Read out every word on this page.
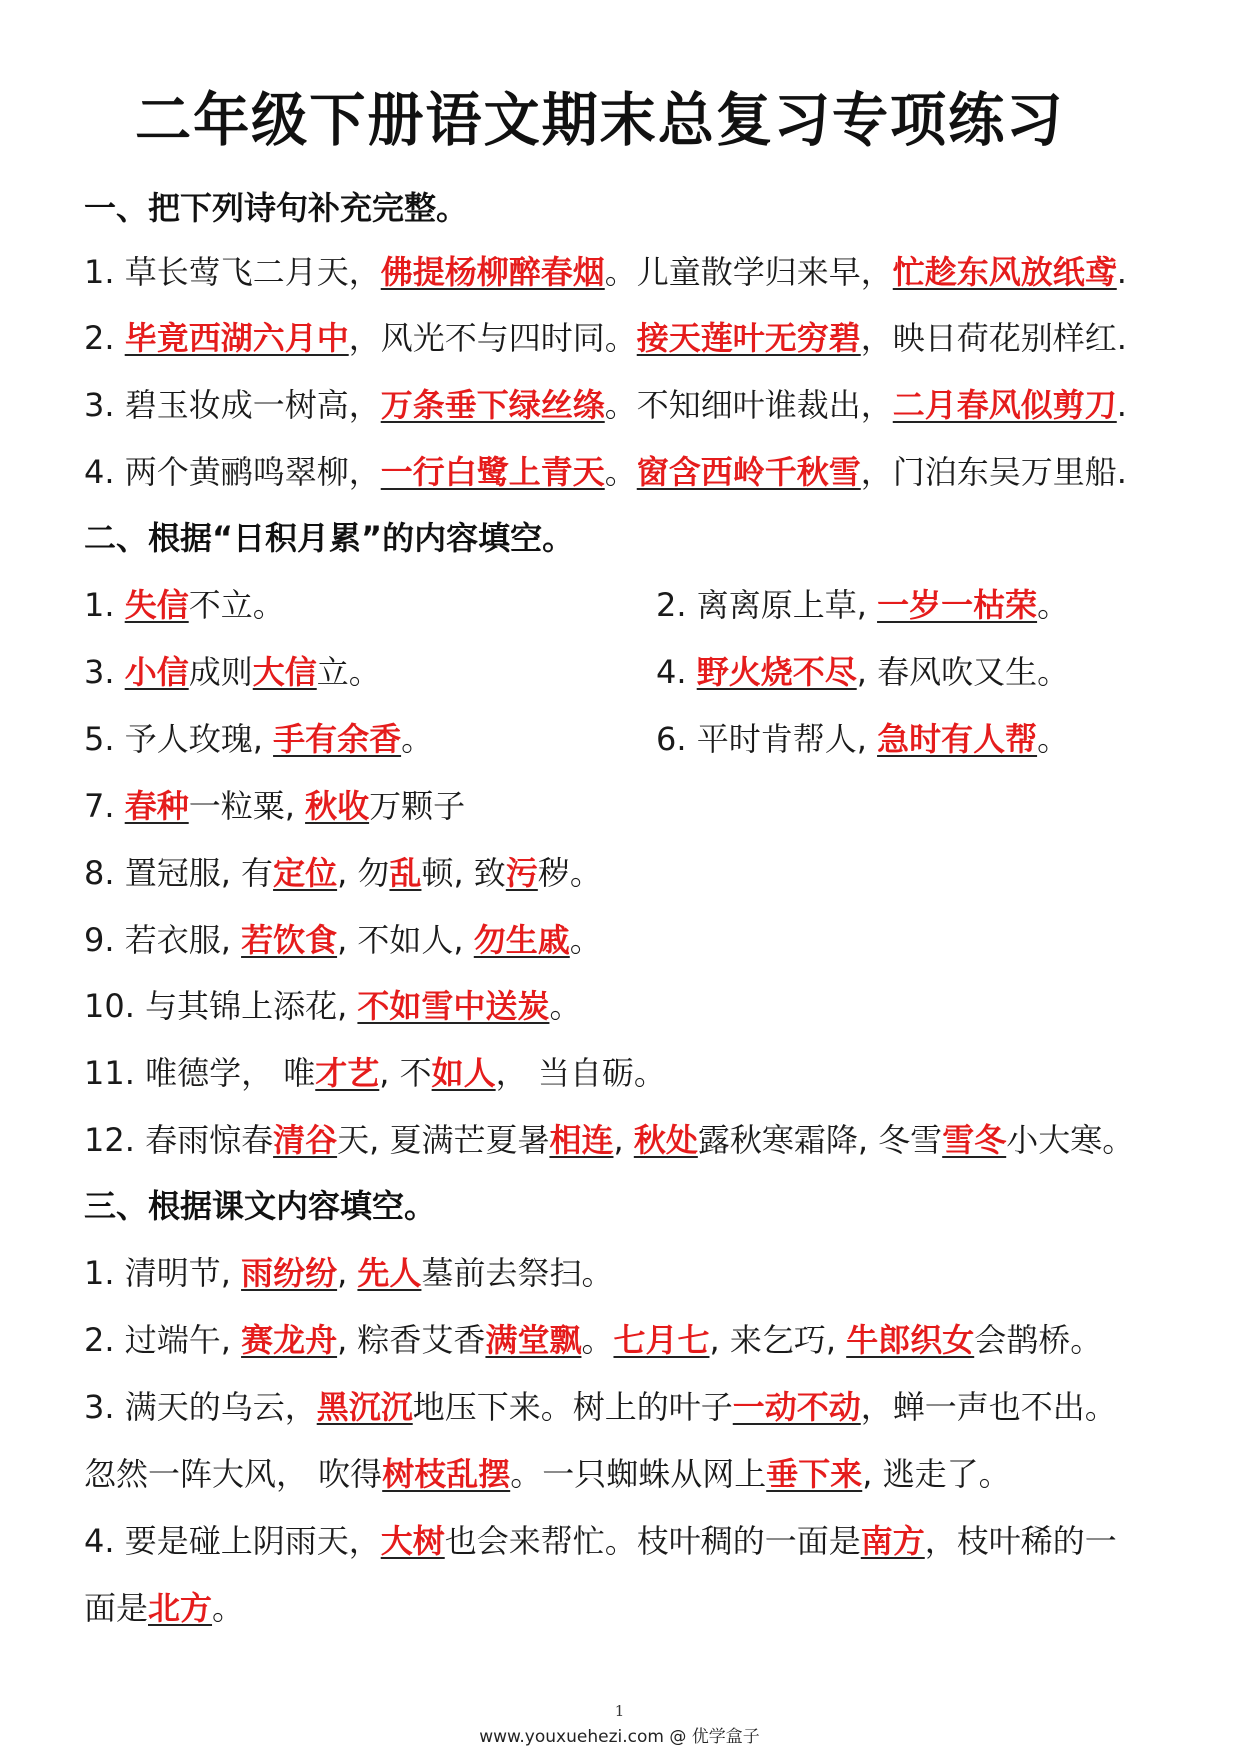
二年级下册语文期末总复习专项练习
一、把下列诗句补充完整。
1. 草长莺飞二月天，佛提杨柳醉春烟。儿童散学归来早，忙趁东风放纸鸢.
2. 毕竟西湖六月中，风光不与四时同。接天莲叶无穷碧，映日荷花别样红.
3. 碧玉妆成一树高，万条垂下绿丝绦。不知细叶谁裁出，二月春风似剪刀.
4. 两个黄鹂鸣翠柳，一行白鹭上青天。窗含西岭千秋雪，门泊东吴万里船.
二、根据“日积月累”的内容填空。
1. 失信不立。	2. 离离原上草, 一岁一枯荣。
3. 小信成则大信立。	4. 野火烧不尽, 春风吹又生。
5. 予人玫瑰, 手有余香。	6. 平时肯帮人, 急时有人帮。
7. 春种一粒粟, 秋收万颗子
8. 置冠服, 有定位, 勿乱顿, 致污秽。
9. 若衣服, 若饮食, 不如人, 勿生戚。
10. 与其锦上添花, 不如雪中送炭。
11. 唯德学， 唯才艺, 不如人， 当自砺。
12. 春雨惊春清谷天, 夏满芒夏暑相连, 秋处露秋寒霜降, 冬雪雪冬小大寒。
三、根据课文内容填空。
1. 清明节, 雨纷纷, 先人墓前去祭扫。
2. 过端午, 赛龙舟, 粽香艾香满堂飘。七月七, 来乞巧, 牛郎织女会鹊桥。
3. 满天的乌云，黑沉沉地压下来。树上的叶子一动不动，蝉一声也不出。
忽然一阵大风， 吹得树枝乱摆。一只蜘蛛从网上垂下来, 逃走了。
4. 要是碰上阴雨天，大树也会来帮忙。枝叶稠的一面是南方，枝叶稀的一
面是北方。
1
www.youxuehezi.com @ 优学盒子
